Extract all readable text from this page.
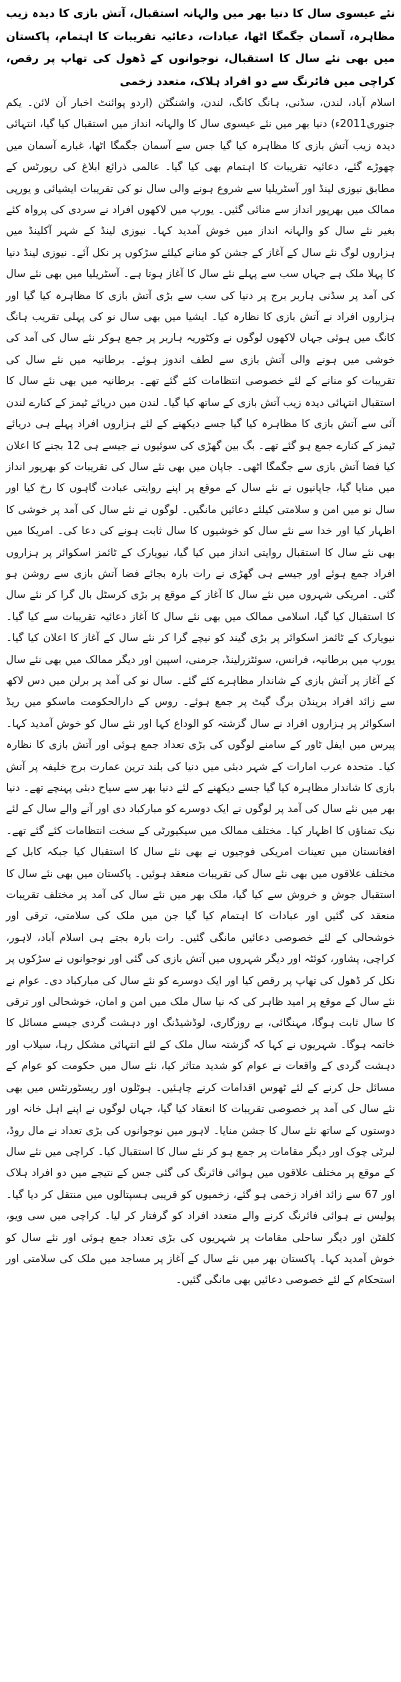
نئے عیسوی سال کا دنیا بھر میں والہانہ استقبال، آتش بازی کا دیدہ زیب مظاہرہ، آسمان جگمگا اٹھا، عبادات، دعائیہ تقریبات کا اہتمام، پاکستان میں بھی نئے سال کا استقبال، نوجوانوں کے ڈھول کی تھاپ پر رقص، کراچی میں فائرنگ سے دو افراد ہلاک، متعدد زخمی

اسلام آباد، لندن، سڈنی، ہانگ کانگ، لندن، واشنگٹن (اردو پوائنٹ اخبار آن لائن۔ یکم جنوری2011ء) دنیا بھر میں نئے عیسوی سال کا والہانہ انداز میں استقبال کیا گیا، انتہائی دیدہ زیب آتش بازی کا مظاہرہ کیا گیا جس سے آسمان جگمگا اٹھا، غبارے آسمان میں چھوڑے گئے، دعائیہ تقریبات کا اہتمام بھی کیا گیا۔ عالمی ذرائع ابلاغ کی رپورٹس کے مطابق نیوزی لینڈ اور آسٹریلیا سے شروع ہونے والی سال نو کی تقریبات ایشیائی و یورپی ممالک میں بھرپور انداز سے منائی گئیں۔ یورپ میں لاکھوں افراد نے سردی کی پرواہ کئے بغیر نئے سال کو والہانہ انداز میں خوش آمدید کہا۔ نیوزی لینڈ کے شہر آکلینڈ میں ہزاروں لوگ نئے سال کے آغاز کے جشن کو منانے کیلئے سڑکوں پر نکل آئے۔ نیوزی لینڈ دنیا کا پہلا ملک ہے جہاں سب سے پہلے نئے سال کا آغاز ہوتا ہے۔ آسٹریلیا میں بھی نئے سال کی آمد پر سڈنی ہاربر برج پر دنیا کی سب سے بڑی آتش بازی کا مظاہرہ کیا گیا اور ہزاروں افراد نے آتش بازی کا نظارہ کیا۔ ایشیا میں بھی سال نو کی پہلی تقریب ہانگ کانگ میں ہوئی جہاں لاکھوں لوگوں نے وکٹوریہ ہاربر پر جمع ہوکر نئے سال کی آمد کی خوشی میں ہونے والی آتش بازی سے لطف اندوز ہوئے۔ برطانیہ میں نئے سال کی تقریبات کو منانے کے لئے خصوصی انتظامات کئے گئے تھے۔ برطانیہ میں بھی نئے سال کا استقبال انتہائی دیدہ زیب آتش بازی کے ساتھ کیا گیا۔ لندن میں دریائے ٹیمز کے کنارے لندن آئی سے آتش بازی کا مظاہرہ کیا گیا جسے دیکھنے کے لئے ہزاروں افراد پہلے ہی دریائے ٹیمز کے کنارے جمع ہو گئے تھے۔ بگ بین گھڑی کی سوئیوں نے جیسے ہی 12 بجنے کا اعلان کیا فضا آتش بازی سے جگمگا اٹھی۔ جاپان میں بھی نئے سال کی تقریبات کو بھرپور انداز میں منایا گیا، جاپانیوں نے نئے سال کے موقع پر اپنے روایتی عبادت گاہوں کا رخ کیا اور سال نو میں امن و سلامتی کیلئے دعائیں مانگیں۔ لوگوں نے نئے سال کی آمد پر خوشی کا اظہار کیا اور خدا سے نئے سال کو خوشیوں کا سال ثابت ہونے کی دعا کی۔ امریکا میں بھی نئے سال کا استقبال روایتی انداز میں کیا گیا، نیویارک کے ٹائمز اسکوائر پر ہزاروں افراد جمع ہوئے اور جیسے ہی گھڑی نے رات بارہ بجائے فضا آتش بازی سے روشن ہو گئی۔ امریکی شہروں میں نئے سال کا آغاز کے موقع پر بڑی کرسٹل بال گرا کر نئے سال کا استقبال کیا گیا، اسلامی ممالک میں بھی نئے سال کا آغاز دعائیہ تقریبات سے کیا گیا۔ نیویارک کے ٹائمز اسکوائر پر بڑی گیند کو نیچے گرا کر نئے سال کے آغاز کا اعلان کیا گیا۔ یورپ میں برطانیہ، فرانس، سوئٹزرلینڈ، جرمنی، اسپین اور دیگر ممالک میں بھی نئے سال کے آغاز پر آتش بازی کے شاندار مظاہرے کئے گئے۔ سال نو کی آمد پر برلن میں دس لاکھ سے زائد افراد برینڈن برگ گیٹ پر جمع ہوئے۔ روس کے دارالحکومت ماسکو میں ریڈ اسکوائر پر ہزاروں افراد نے سال گزشتہ کو الوداع کہا اور نئے سال کو خوش آمدید کہا۔ پیرس میں ایفل ٹاور کے سامنے لوگوں کی بڑی تعداد جمع ہوئی اور آتش بازی کا نظارہ کیا۔ متحدہ عرب امارات کے شہر دبئی میں دنیا کی بلند ترین عمارت برج خلیفہ پر آتش بازی کا شاندار مظاہرہ کیا گیا جسے دیکھنے کے لئے دنیا بھر سے سیاح دبئی پہنچے تھے۔ دنیا بھر میں نئے سال کی آمد پر لوگوں نے ایک دوسرے کو مبارکباد دی اور آنے والے سال کے لئے نیک تمناؤں کا اظہار کیا۔ مختلف ممالک میں سیکیورٹی کے سخت انتظامات کئے گئے تھے۔ افغانستان میں تعینات امریکی فوجیوں نے بھی نئے سال کا استقبال کیا جبکہ کابل کے مختلف علاقوں میں بھی نئے سال کی تقریبات منعقد ہوئیں۔ پاکستان میں بھی نئے سال کا استقبال جوش و خروش سے کیا گیا، ملک بھر میں نئے سال کی آمد پر مختلف تقریبات منعقد کی گئیں اور عبادات کا اہتمام کیا گیا جن میں ملک کی سلامتی، ترقی اور خوشحالی کے لئے خصوصی دعائیں مانگی گئیں۔ رات بارہ بجتے ہی اسلام آباد، لاہور، کراچی، پشاور، کوئٹہ اور دیگر شہروں میں آتش بازی کی گئی اور نوجوانوں نے سڑکوں پر نکل کر ڈھول کی تھاپ پر رقص کیا اور ایک دوسرے کو نئے سال کی مبارکباد دی۔ عوام نے نئے سال کے موقع پر امید ظاہر کی کہ نیا سال ملک میں امن و امان، خوشحالی اور ترقی کا سال ثابت ہوگا، مہنگائی، بے روزگاری، لوڈشیڈنگ اور دہشت گردی جیسے مسائل کا خاتمہ ہوگا۔ شہریوں نے کہا کہ گزشتہ سال ملک کے لئے انتہائی مشکل رہا، سیلاب اور دہشت گردی کے واقعات نے عوام کو شدید متاثر کیا، نئے سال میں حکومت کو عوام کے مسائل حل کرنے کے لئے ٹھوس اقدامات کرنے چاہئیں۔ ہوٹلوں اور ریسٹورنٹس میں بھی نئے سال کی آمد پر خصوصی تقریبات کا انعقاد کیا گیا، جہاں لوگوں نے اپنے اہل خانہ اور دوستوں کے ساتھ نئے سال کا جشن منایا۔ لاہور میں نوجوانوں کی بڑی تعداد نے مال روڈ، لبرٹی چوک اور دیگر مقامات پر جمع ہو کر نئے سال کا استقبال کیا۔ کراچی میں نئے سال کے موقع پر مختلف علاقوں میں ہوائی فائرنگ کی گئی جس کے نتیجے میں دو افراد ہلاک اور 67 سے زائد افراد زخمی ہو گئے، زخمیوں کو قریبی ہسپتالوں میں منتقل کر دیا گیا۔ پولیس نے ہوائی فائرنگ کرنے والے متعدد افراد کو گرفتار کر لیا۔ کراچی میں سی ویو، کلفٹن اور دیگر ساحلی مقامات پر شہریوں کی بڑی تعداد جمع ہوئی اور نئے سال کو خوش آمدید کہا۔ پاکستان بھر میں نئے سال کے آغاز پر مساجد میں ملک کی سلامتی اور استحکام کے لئے خصوصی دعائیں بھی مانگی گئیں۔
